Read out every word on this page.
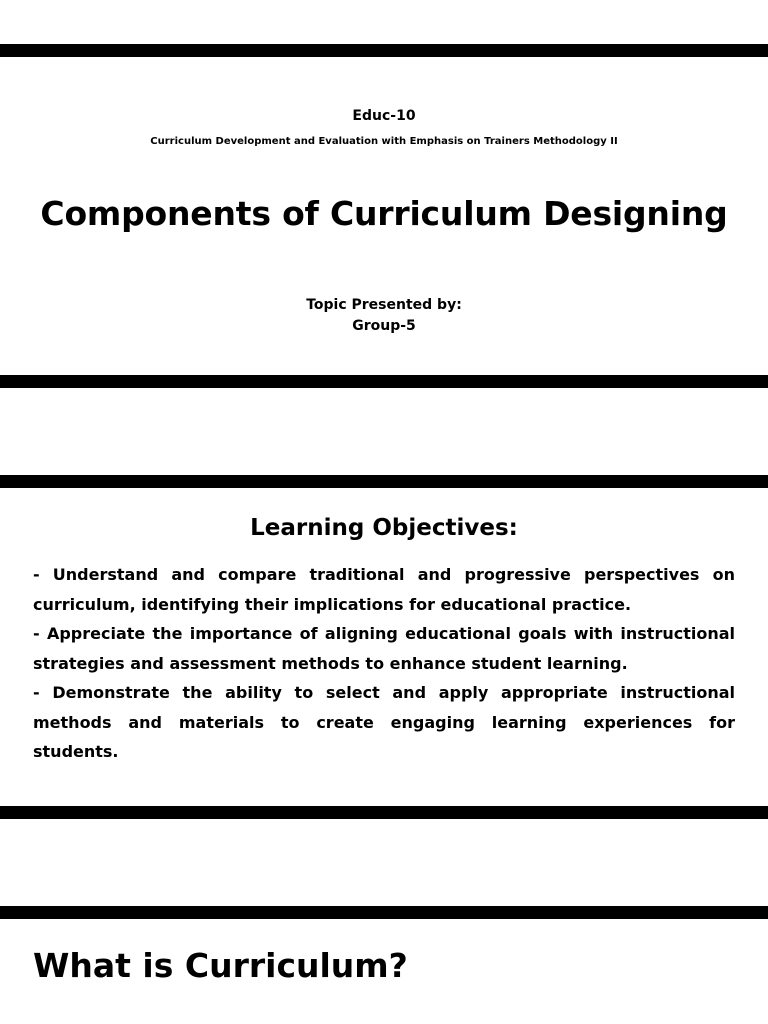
Educ-10
Curriculum Development and Evaluation with Emphasis on Trainers Methodology II
Components of Curriculum Designing
Topic Presented by:
Group-5
Learning Objectives:

- Understand and compare traditional and progressive perspectives on curriculum, identifying their implications for educational practice.

- Appreciate the importance of aligning educational goals with instructional strategies and assessment methods to enhance student learning.

- Demonstrate the ability to select and apply appropriate instructional methods and materials to create engaging learning experiences for students.

What is Curriculum?
